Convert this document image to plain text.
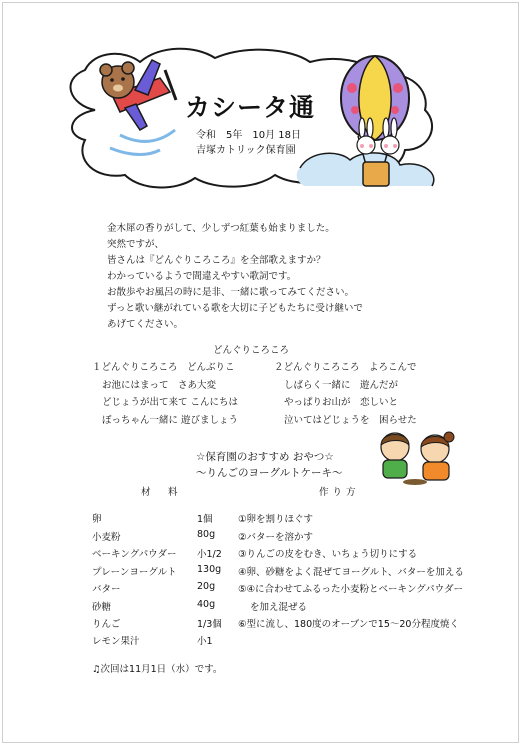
カシータ通
令和　5年　10月 18日
吉塚カトリック保育園
金木犀の香りがして、少しずつ紅葉も始まりました。
突然ですが、
皆さんは『どんぐりころころ』を全部歌えますか？
わかっているようで間違えやすい歌詞です。
お散歩やお風呂の時に是非、一緒に歌ってみてください。
ずっと歌い継がれている歌を大切に子どもたちに受け継いで
あげてください。
どんぐりころころ
１どんぐりころころ　どんぶりこ
お池にはまって　さあ大変
どじょうが出て来て こんにちは
ぼっちゃん一緒に 遊びましょう
２どんぐりころころ　よろこんで
しばらく一緒に　遊んだが
やっぱりお山が　恋しいと
泣いてはどじょうを　困らせた
☆保育園のおすすめ おやつ☆
～りんごのヨーグルトケーキ～
材　料	作り方
卵	1個
小麦粉	80g
ベーキングパウダー 小1/2
プレーンヨーグルト 130g
バター	20g
砂糖	40g
りんご	1/3個
レモン果汁	小1
①卵を割りほぐす
②バターを溶かす
③りんごの皮をむき、いちょう切りにする
④卵、砂糖をよく混ぜてヨーグルト、バターを加える
⑤④に合わせてふるった小麦粉とベーキングパウダー
を加え混ぜる
⑥型に流し、180度のオーブンで15～20分程度焼く
♫次回は11月1日（水）です。
